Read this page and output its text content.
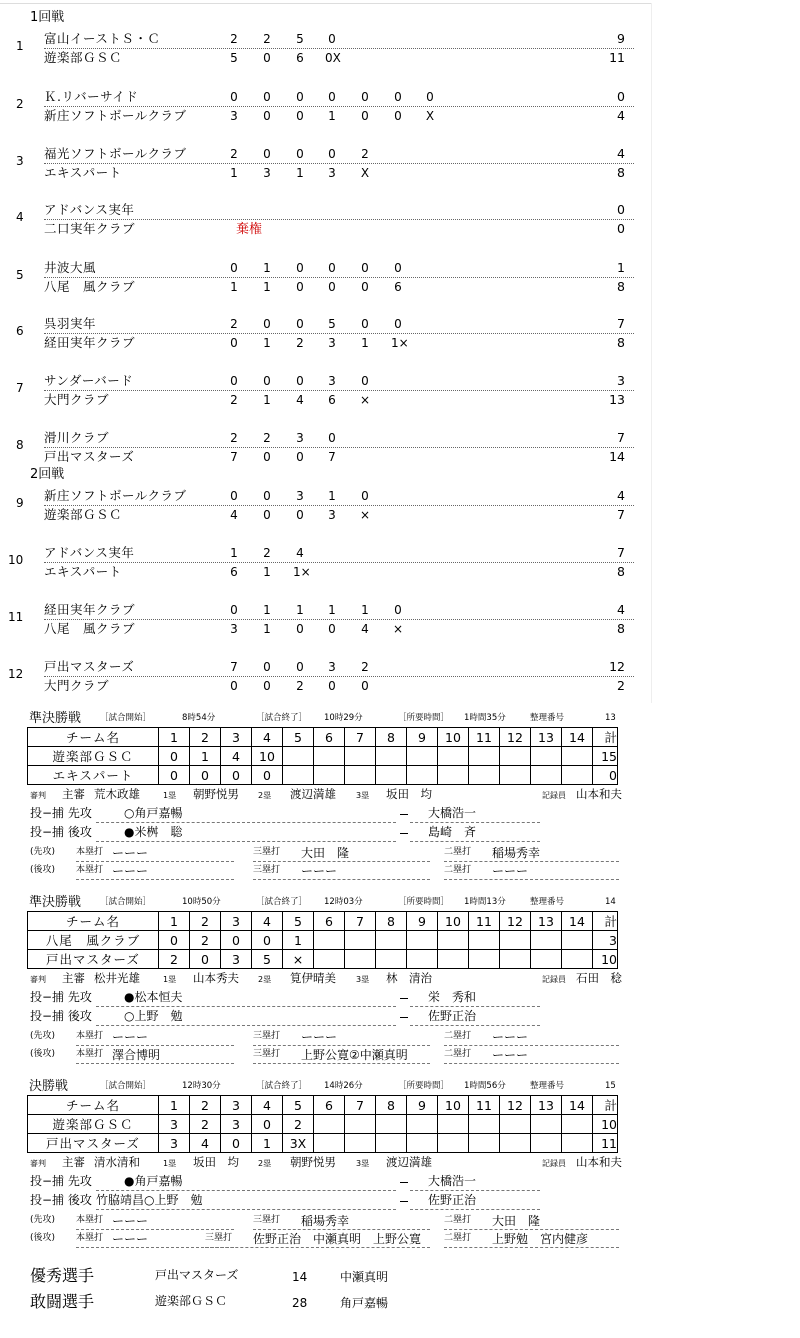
1回戦
1 富山イーストＳ・Ｃ	2 2 5 0	9
遊楽部ＧＳＣ	5 0 6 0X	11
2 Ｋ.リバーサイド	0 0 0 0 0 0 0	0
新庄ソフトボールクラブ	3 0 0 1 0 0 X	4
3 福光ソフトボールクラブ	2 0 0 0 2	4
エキスパート	1 3 1 3 X	8
4 アドバンス実年	0
二口実年クラブ	棄権	0
5 井波大風	0 1 0 0 0 0	1
八尾　風クラブ	1 1 0 0 0 6	8
6 呉羽実年	2 0 0 5 0 0	7
経田実年クラブ	0 1 2 3 1 1×	8
7 サンダーバード	0 0 0 3 0	3
大門クラブ	2 1 4 6 ×	13
8 滑川クラブ	2 2 3 0	7
戸出マスターズ	7 0 0 7	14
9 新庄ソフトボールクラブ	0 0 3 1 0	4
遊楽部ＧＳＣ	4 0 0 3 ×	7
10 アドバンス実年	1 2 4	7
エキスパート	6 1 1×	8
11 経田実年クラブ	0 1 1 1 1 0	4
八尾　風クラブ	3 1 0 0 4 ×	8
12 戸出マスターズ	7 0 0 3 2	12
大門クラブ	0 0 2 0 0	2
2回戦
準決勝戦 ［試合開始］	8時54分	［試合終了］ 10時29分	［所要時間］ 1時間35分	整理番号	13
チーム名	1	2	3	4	5	6	7	8	9	10	11	12	13	14	計
遊楽部ＧＳＣ	0	1	4	10											15
エキスパート	0	0	0	0											0
審判 主審 荒木政雄	1塁 朝野悦男 2塁 渡辺満雄	3塁 坂田　均	記録員 山本和夫
投−捕 先攻	○角戸嘉暢	大橋浩一
投−捕 後攻	●米桝　聡	島崎　斉
(先攻) 本塁打 ーーー	三塁打 大田　隆	二塁打 稲場秀幸
(後攻) 本塁打 ーーー	三塁打 ーーー	二塁打 ーーー
準決勝戦 ［試合開始］	10時50分	［試合終了］ 12時03分	［所要時間］ 1時間13分	整理番号	14
チーム名	1	2	3	4	5	6	7	8	9	10	11	12	13	14	計
八尾　風クラブ	0	2	0	0	1										3
戸出マスターズ	2	0	3	5	×										10
審判 主審 松井光雄	1塁 山本秀夫 2塁 筧伊晴美	3塁 林　清治	記録員 石田　稔
投−捕 先攻	●松本恒夫	栄　秀和
投−捕 後攻	○上野　勉	佐野正治
(先攻) 本塁打 ーーー	三塁打 ーーー	二塁打 ーーー
(後攻) 本塁打 澤合博明	三塁打 上野公寛②中瀬真明	二塁打 ーーー
決勝戦	［試合開始］	12時30分	［試合終了］ 14時26分	［所要時間］ 1時間56分	整理番号	15
チーム名	1	2	3	4	5	6	7	8	9	10	11	12	13	14	計
遊楽部ＧＳＣ	3	2	3	0	2										10
戸出マスターズ	3	4	0	1	3X										11
審判 主審 清水清和	1塁 坂田　均 2塁 朝野悦男	3塁 渡辺満雄	記録員 山本和夫
投−捕 先攻	●角戸嘉暢	大橋浩一
投−捕 後攻 竹脇靖昌○上野　勉	佐野正治
(先攻) 本塁打 ーーー	三塁打 稲場秀幸	二塁打 大田　隆
(後攻) 本塁打 ーーー	三塁打 佐野正治　中瀬真明　上野公寛	二塁打 上野勉　宮内健彦
優秀選手	戸出マスターズ	14	中瀬真明
敢闘選手	遊楽部ＧＳＣ	28	角戸嘉暢
